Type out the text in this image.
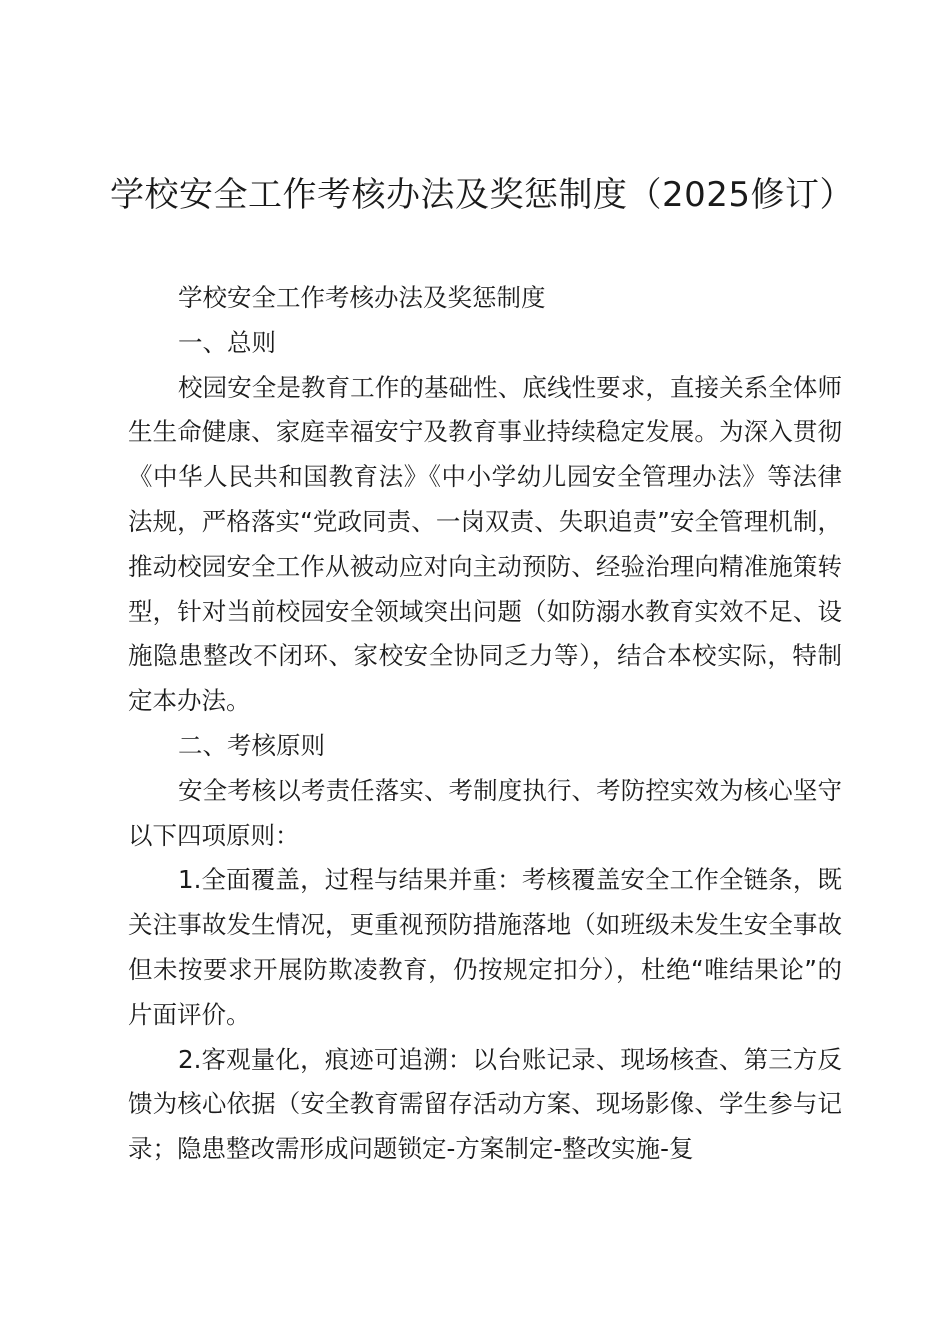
学校安全工作考核办法及奖惩制度（2025修订）

学校安全工作考核办法及奖惩制度

一、总则

校园安全是教育工作的基础性、底线性要求，直接关系全体师生生命健康、家庭幸福安宁及教育事业持续稳定发展。为深入贯彻《中华人民共和国教育法》《中小学幼儿园安全管理办法》等法律法规，严格落实“党政同责、一岗双责、失职追责”安全管理机制，推动校园安全工作从被动应对向主动预防、经验治理向精准施策转型，针对当前校园安全领域突出问题（如防溺水教育实效不足、设施隐患整改不闭环、家校安全协同乏力等），结合本校实际，特制定本办法。

二、考核原则

安全考核以考责任落实、考制度执行、考防控实效为核心坚守以下四项原则：

1.全面覆盖，过程与结果并重：考核覆盖安全工作全链条，既关注事故发生情况，更重视预防措施落地（如班级未发生安全事故但未按要求开展防欺凌教育，仍按规定扣分），杜绝“唯结果论”的片面评价。

2.客观量化，痕迹可追溯：以台账记录、现场核查、第三方反馈为核心依据（安全教育需留存活动方案、现场影像、学生参与记录；隐患整改需形成问题锁定-方案制定-整改实施-复
